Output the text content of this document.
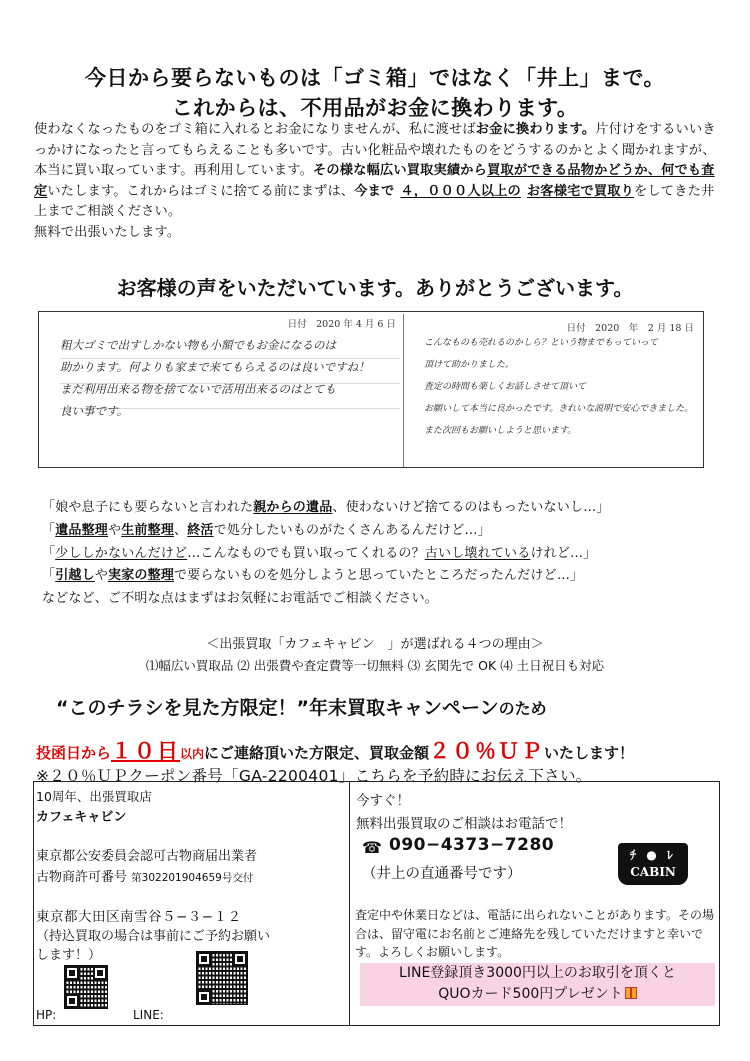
今日から要らないものは「ゴミ箱」ではなく「井上」まで。
これからは、不用品がお金に換わります。
使わなくなったものをゴミ箱に入れるとお金になりませんが、私に渡せばお金に換わります。片付けをするいいきっかけになったと言ってもらえることも多いです。古い化粧品や壊れたものをどうするのかとよく聞かれますが、本当に買い取っています。再利用しています。その様な幅広い買取実績から買取ができる品物かどうか、何でも査定いたします。これからはゴミに捨てる前にまずは、今まで ４，０００人以上の お客様宅で買取りをしてきた井上までご相談ください。
無料で出張いたします。
お客様の声をいただいています。ありがとうございます。
日付　2020 年 4 月 6 日
粗大ゴミで出すしかない物も小額でもお金になるのは
助かります。何よりも家まで来てもらえるのは良いですね！
まだ利用出来る物を捨てないで活用出来るのはとても
良い事です。
日付　2020　年　2 月 18 日
こんなものも売れるのかしら？という物までもっていって
頂けて助かりました。
査定の時間も楽しくお話しさせて頂いて
お願いして本当に良かったです。きれいな説明で安心できました。
また次回もお願いしようと思います。
「娘や息子にも要らないと言われた親からの遺品、使わないけど捨てるのはもったいないし…」
「遺品整理や生前整理、終活で処分したいものがたくさんあるんだけど…」
「少ししかないんだけど…こんなものでも買い取ってくれるの？古いし壊れているけれど…」
「引越しや実家の整理で要らないものを処分しようと思っていたところだったんだけど…」
などなど、ご不明な点はまずはお気軽にお電話でご相談ください。
＜出張買取「カフェキャビン　」が選ばれる４つの理由＞
⑴幅広い買取品 ⑵ 出張費や査定費等一切無料 ⑶ 玄関先で OK ⑷ 土日祝日も対応
“このチラシを見た方限定！”年末買取キャンペーンのため
投函日から１０日以内にご連絡頂いた方限定、買取金額２０％ＵＰいたします！
※２０％ＵＰクーポン番号「GA-2200401」こちらを予約時にお伝え下さい。
10周年、出張買取店
カフェキャビン
東京都公安委員会認可古物商届出業者
古物商許可番号 第302201904659号交付
東京都大田区南雪谷５−３−１２
（持込買取の場合は事前にご予約お願い
します！）
HP:	LINE:
今すぐ！
無料出張買取のご相談はお電話で！
☎ 090−4373−7280
（井上の直通番号です）
ﾁ ● ﾚ
CABIN
査定中や休業日などは、電話に出られないことがあります。その場合は、留守電にお名前とご連絡先を残していただけますと幸いです。よろしくお願いします。
LINE登録頂き3000円以上のお取引を頂くと
QUOカード500円プレゼント
